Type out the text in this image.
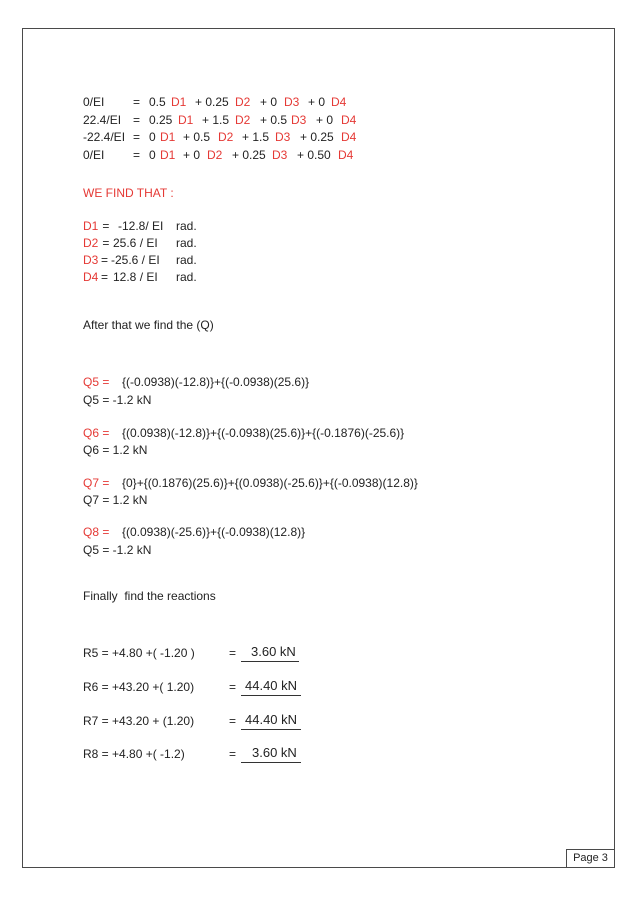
0/EI = 0.5 D1 + 0.25 D2 + 0 D3 + 0 D4
22.4/EI = 0.25 D1 + 1.5 D2 + 0.5 D3 + 0 D4
-22.4/EI = 0 D1 + 0.5 D2 + 1.5 D3 + 0.25 D4
0/EI = 0 D1 + 0 D2 + 0.25 D3 + 0.50 D4
WE FIND THAT :
D1 = -12.8/ EI rad.
D2 = 25.6 / EI rad.
D3 = -25.6 / EI rad.
D4 = 12.8 / EI rad.
After that we find the (Q)
Q5 = {(-0.0938)(-12.8)}+{(-0.0938)(25.6)}
Q5 = -1.2 kN
Q6 = {(0.0938)(-12.8)}+{(-0.0938)(25.6)}+{(-0.1876)(-25.6)}
Q6 = 1.2 kN
Q7 = {0}+{(0.1876)(25.6)}+{(0.0938)(-25.6)}+{(-0.0938)(12.8)}
Q7 = 1.2 kN
Q8 = {(0.0938)(-25.6)}+{(-0.0938)(12.8)}
Q5 = -1.2 kN
Finally  find the reactions
R5 = +4.80 +( -1.20 )	= 3.60 kN
R6 = +43.20 +( 1.20)	= 44.40 kN
R7 = +43.20 + (1.20)	= 44.40 kN
R8 = +4.80 +( -1.2)	= 3.60 kN
Page 3
